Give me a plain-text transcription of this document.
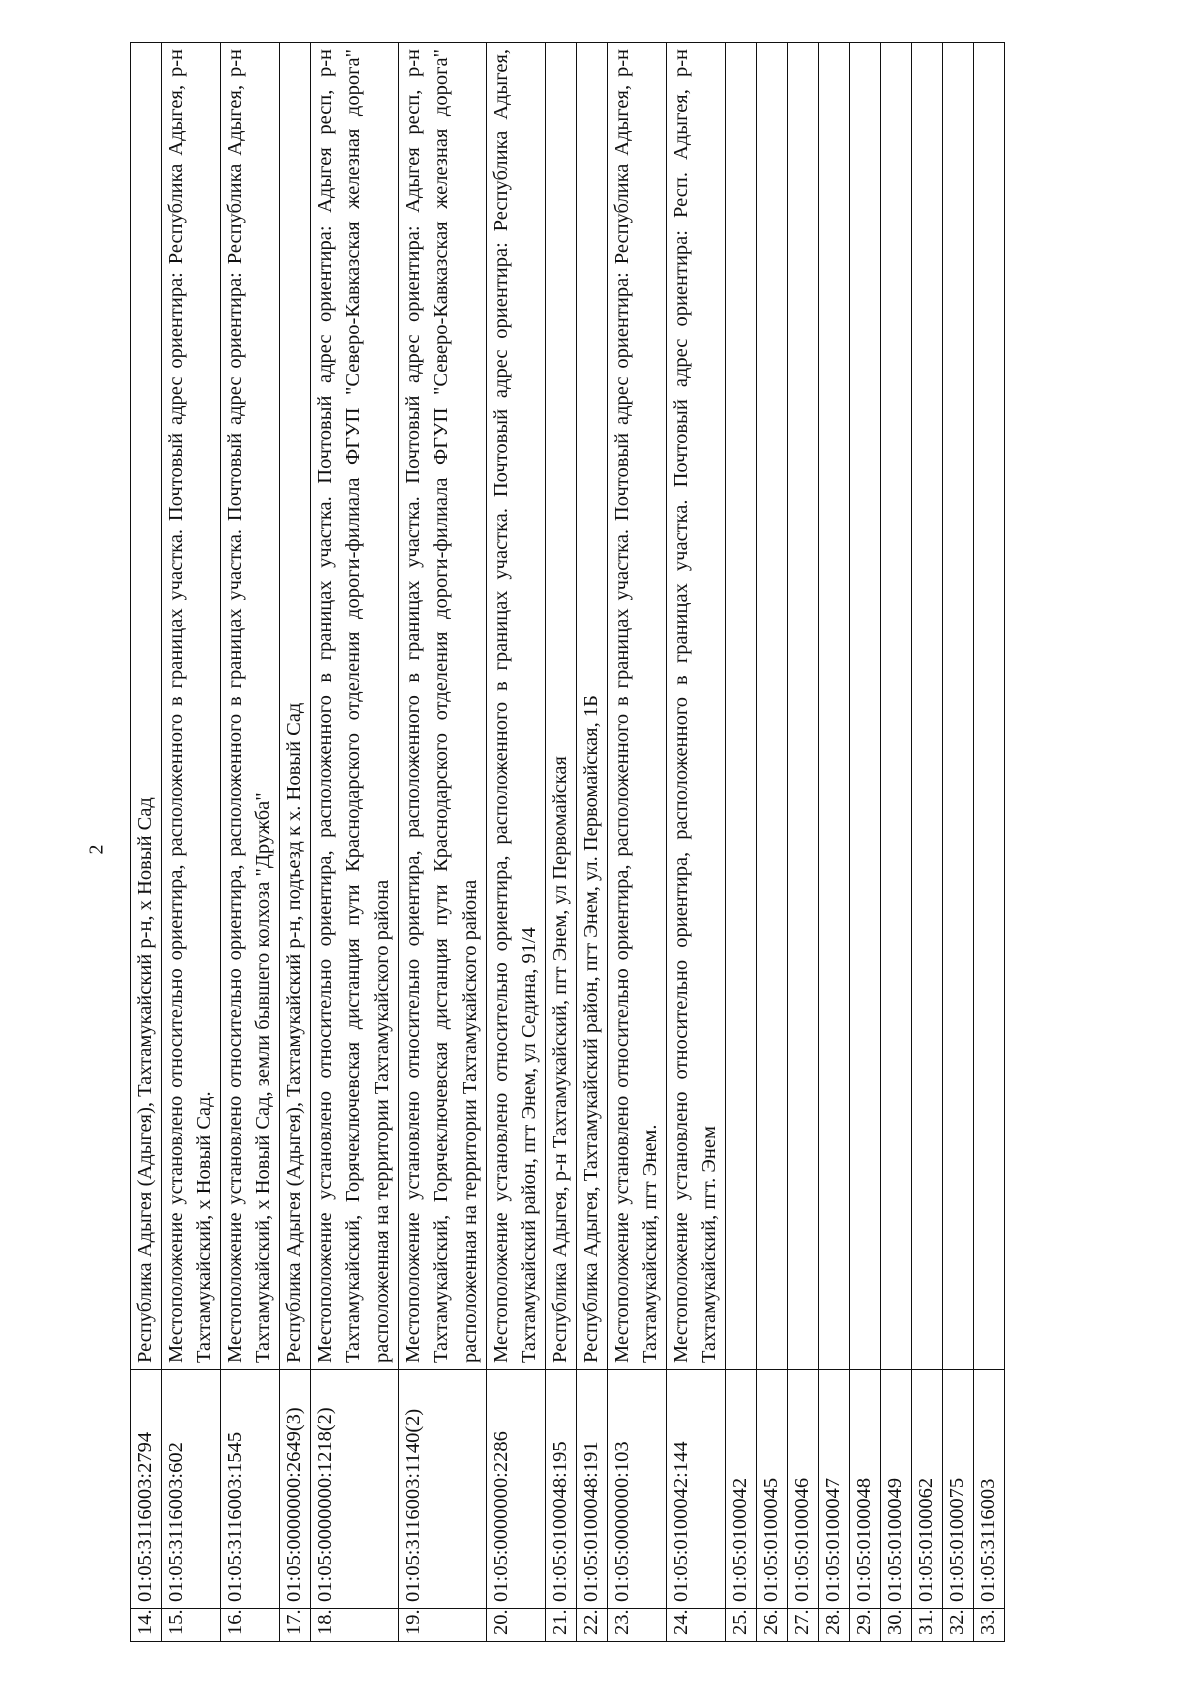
2
14.	01:05:3116003:2794	Республика Адыгея (Адыгея), Тахтамукайский р-н, х Новый Сад
15.	01:05:3116003:602	Местоположение установлено относительно ориентира, расположенного в границах участка. Почтовый адрес ориентира: Республика Адыгея, р-н Тахтамукайский, х Новый Сад.
16.	01:05:3116003:1545	Местоположение установлено относительно ориентира, расположенного в границах участка. Почтовый адрес ориентира: Республика Адыгея, р-н Тахтамукайский, х Новый Сад, земли бывшего колхоза "Дружба"
17.	01:05:0000000:2649(3)	Республика Адыгея (Адыгея), Тахтамукайский р-н, подъезд к х. Новый Сад
18.	01:05:0000000:1218(2)	Местоположение установлено относительно ориентира, расположенного в границах участка. Почтовый адрес ориентира: Адыгея респ, р-н Тахтамукайский, Горячеключевская дистанция пути Краснодарского отделения дороги-филиала ФГУП "Северо-Кавказская железная дорога" расположенная на территории Тахтамукайского района
19.	01:05:3116003:1140(2)	Местоположение установлено относительно ориентира, расположенного в границах участка. Почтовый адрес ориентира: Адыгея респ, р-н Тахтамукайский, Горячеключевская дистанция пути Краснодарского отделения дороги-филиала ФГУП "Северо-Кавказская железная дорога" расположенная на территории Тахтамукайского района
20.	01:05:0000000:2286	Местоположение установлено относительно ориентира, расположенного в границах участка. Почтовый адрес ориентира: Республика Адыгея, Тахтамукайский район, пгт Энем, ул Седина, 91/4
21.	01:05:0100048:195	Республика Адыгея, р-н Тахтамукайский, пгт Энем, ул Первомайская
22.	01:05:0100048:191	Республика Адыгея, Тахтамукайский район, пгт Энем, ул. Первомайская, 1Б
23.	01:05:0000000:103	Местоположение установлено относительно ориентира, расположенного в границах участка. Почтовый адрес ориентира: Республика Адыгея, р-н Тахтамукайский, пгт Энем.
24.	01:05:0100042:144	Местоположение установлено относительно ориентира, расположенного в границах участка. Почтовый адрес ориентира: Респ. Адыгея, р-н Тахтамукайский, пгт. Энем
25.	01:05:0100042	
26.	01:05:0100045	
27.	01:05:0100046	
28.	01:05:0100047	
29.	01:05:0100048	
30.	01:05:0100049	
31.	01:05:0100062	
32.	01:05:0100075	
33.	01:05:3116003	
